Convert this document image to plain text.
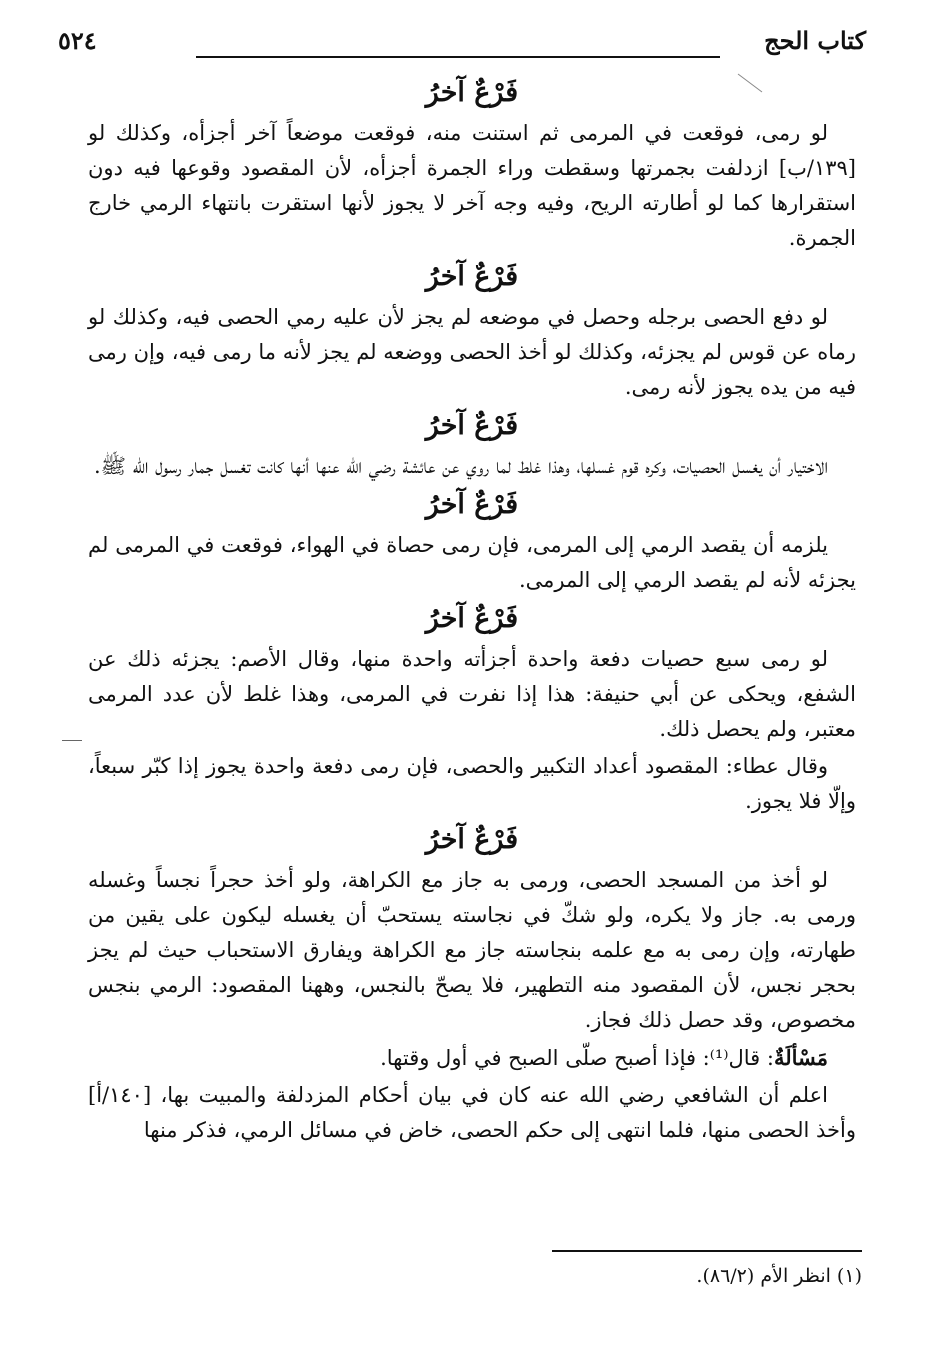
كتاب الحج
٥٢٤
فَرْعٌ آخرُ

لو رمى، فوقعت في المرمى ثم استنت منه، فوقعت موضعاً آخر أجزأه، وكذلك لو [١٣٩/ب] ازدلفت بجمرتها وسقطت وراء الجمرة أجزأه، لأن المقصود وقوعها فيه دون استقرارها كما لو أطارته الريح، وفيه وجه آخر لا يجوز لأنها استقرت بانتهاء الرمي خارج الجمرة.

فَرْعٌ آخرُ

لو دفع الحصى برجله وحصل في موضعه لم يجز لأن عليه رمي الحصى فيه، وكذلك لو رماه عن قوس لم يجزئه، وكذلك لو أخذ الحصى ووضعه لم يجز لأنه ما رمى فيه، وإن رمى فيه من يده يجوز لأنه رمى.

فَرْعٌ آخرُ

الاختيار أن يغسل الحصيات، وكره قوم غسلها، وهذا غلط لما روي عن عائشة رضي الله عنها أنها كانت تغسل جمار رسول الله ﷺ.

فَرْعٌ آخرُ

يلزمه أن يقصد الرمي إلى المرمى، فإن رمى حصاة في الهواء، فوقعت في المرمى لم يجزئه لأنه لم يقصد الرمي إلى المرمى.

فَرْعٌ آخرُ

لو رمى سبع حصيات دفعة واحدة أجزأته واحدة منها، وقال الأصم: يجزئه ذلك عن الشفع، ويحكى عن أبي حنيفة: هذا إذا نفرت في المرمى، وهذا غلط لأن عدد المرمى معتبر، ولم يحصل ذلك.

وقال عطاء: المقصود أعداد التكبير والحصى، فإن رمى دفعة واحدة يجوز إذا كبّر سبعاً، وإلّا فلا يجوز.

فَرْعٌ آخرُ

لو أخذ من المسجد الحصى، ورمى به جاز مع الكراهة، ولو أخذ حجراً نجساً وغسله ورمى به. جاز ولا يكره، ولو شكّ في نجاسته يستحبّ أن يغسله ليكون على يقين من طهارته، وإن رمى به مع علمه بنجاسته جاز مع الكراهة ويفارق الاستحباب حيث لم يجز بحجر نجس، لأن المقصود منه التطهير، فلا يصحّ بالنجس، وههنا المقصود: الرمي بنجس مخصوص، وقد حصل ذلك فجاز.

مَسْألَةٌ: قال⁽¹⁾: فإذا أصبح صلّى الصبح في أول وقتها.

اعلم أن الشافعي رضي الله عنه كان في بيان أحكام المزدلفة والمبيت بها، [١٤٠/أ] وأخذ الحصى منها، فلما انتهى إلى حكم الحصى، خاض في مسائل الرمي، فذكر منها

(١) انظر الأم (٨٦/٢).
